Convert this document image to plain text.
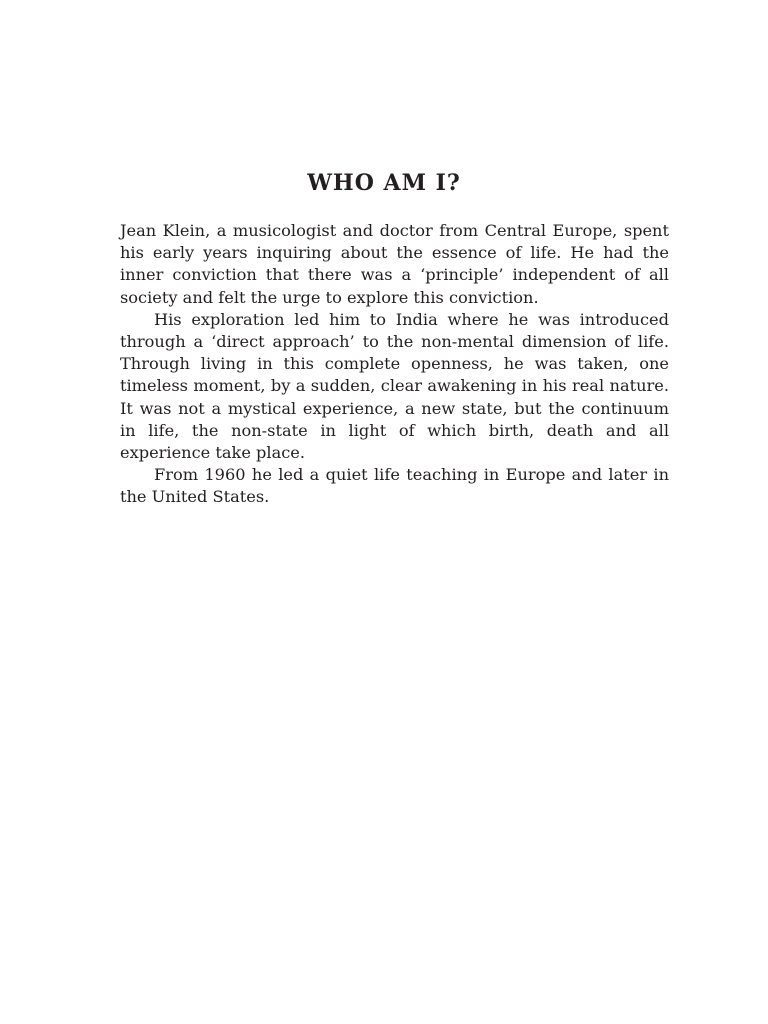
WHO AM I?

Jean Klein, a musicologist and doctor from Central Europe, spent his early years inquiring about the essence of life. He had the inner conviction that there was a ‘principle’ independent of all society and felt the urge to explore this conviction.

His exploration led him to India where he was introduced through a ‘direct approach’ to the non-mental dimension of life. Through living in this complete openness, he was taken, one timeless moment, by a sudden, clear awakening in his real nature. It was not a mystical experience, a new state, but the continuum in life, the non-state in light of which birth, death and all experience take place.

From 1960 he led a quiet life teaching in Europe and later in the United States.
